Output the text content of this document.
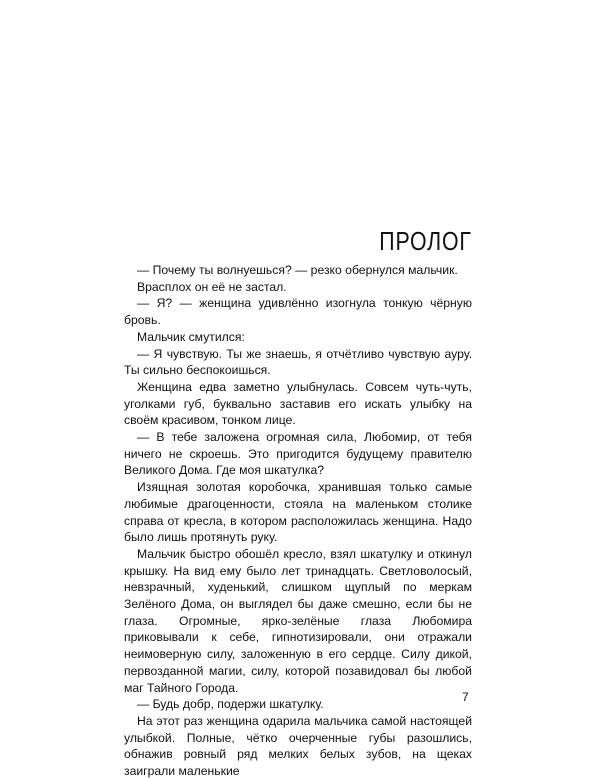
ПРОЛОГ

— Почему ты волнуешься? — резко обернулся мальчик.

Врасплох он её не застал.

— Я? — женщина удивлённо изогнула тонкую чёрную бровь.

Мальчик смутился:

— Я чувствую. Ты же знаешь, я отчётливо чувствую ауру. Ты сильно беспокоишься.

Женщина едва заметно улыбнулась. Совсем чуть-чуть, уголками губ, буквально заставив его искать улыбку на своём красивом, тонком лице.

— В тебе заложена огромная сила, Любомир, от тебя ничего не скроешь. Это пригодится будущему правителю Великого Дома. Где моя шкатулка?

Изящная золотая коробочка, хранившая только самые любимые драгоценности, стояла на маленьком столике справа от кресла, в котором расположилась женщина. Надо было лишь протянуть руку.

Мальчик быстро обошёл кресло, взял шкатулку и откинул крышку. На вид ему было лет тринадцать. Светловолосый, невзрачный, худенький, слишком щуплый по меркам Зелёного Дома, он выглядел бы даже смешно, если бы не глаза. Огромные, ярко-зелёные глаза Любомира приковывали к себе, гипнотизировали, они отражали неимоверную силу, заложенную в его сердце. Силу дикой, первозданной магии, силу, которой позавидовал бы любой маг Тайного Города.

— Будь добр, подержи шкатулку.

На этот раз женщина одарила мальчика самой настоящей улыбкой. Полные, чётко очерченные губы разошлись, обнажив ровный ряд мелких белых зубов, на щеках заиграли маленькие

7
